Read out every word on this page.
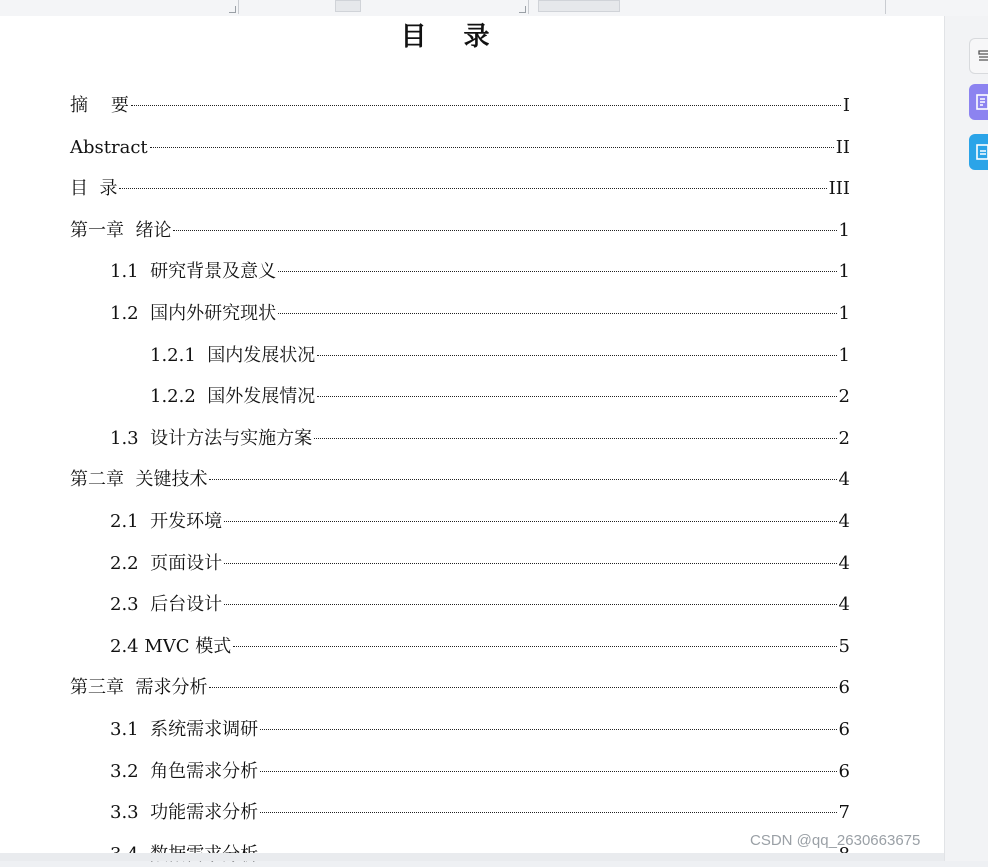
目 录
摘    要	I
Abstract	II
目  录	III
第一章  绪论	1
1.1  研究背景及意义	1
1.2  国内外研究现状	1
1.2.1  国内发展状况	1
1.2.2  国外发展情况	2
1.3  设计方法与实施方案	2
第二章  关键技术	4
2.1  开发环境	4
2.2  页面设计	4
2.3  后台设计	4
2.4 MVC 模式	5
第三章  需求分析	6
3.1  系统需求调研	6
3.2  角色需求分析	6
3.3  功能需求分析	7
CSDN @qq_2630663675
